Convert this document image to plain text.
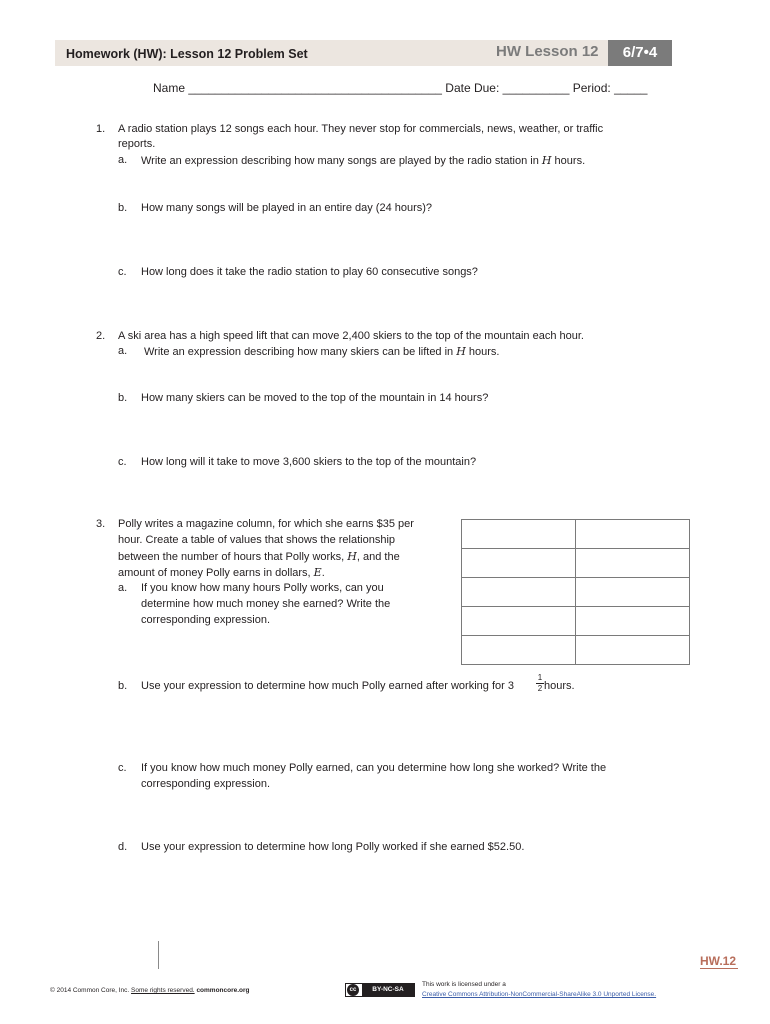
Homework (HW): Lesson 12 Problem Set	HW Lesson 12	6/7•4
Name ______________________________________ Date Due: __________ Period: _____
1. A radio station plays 12 songs each hour. They never stop for commercials, news, weather, or traffic
reports.
a. Write an expression describing how many songs are played by the radio station in H hours.
b. How many songs will be played in an entire day (24 hours)?
c. How long does it take the radio station to play 60 consecutive songs?
2. A ski area has a high speed lift that can move 2,400 skiers to the top of the mountain each hour.
a. Write an expression describing how many skiers can be lifted in H hours.
b. How many skiers can be moved to the top of the mountain in 14 hours?
c. How long will it take to move 3,600 skiers to the top of the mountain?
3. Polly writes a magazine column, for which she earns $35 per
hour. Create a table of values that shows the relationship
between the number of hours that Polly works, H, and the
amount of money Polly earns in dollars, E.
a. If you know how many hours Polly works, can you
determine how much money she earned? Write the
corresponding expression.

b. Use your expression to determine how much Polly earned after working for 3
1
2 hours.
c. If you know how much money Polly earned, can you determine how long she worked? Write the
corresponding expression.
d. Use your expression to determine how long Polly worked if she earned $52.50.
HW.12
© 2014 Common Core, Inc. Some rights reserved. commoncore.org	cc	BY-NC-SA
This work is licensed under a
Creative Commons Attribution-NonCommercial-ShareAlike 3.0 Unported License.
